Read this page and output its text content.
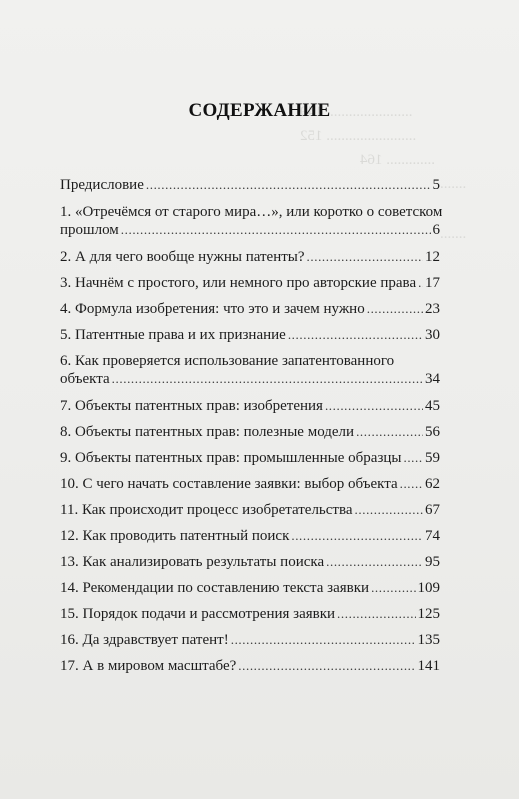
....................... 149
........................ 152
............. 164
.......
.......
СОДЕРЖАНИЕ
Предисловие .....	5
1. «Отречёмся от старого мира…», или коротко о советском
прошлом .....	6
2. А для чего вообще нужны патенты? .....	12
3. Начнём с простого, или немного про авторские права ..... 17
4. Формула изобретения: что это и зачем нужно .....	23
5. Патентные права и их признание .....	30
6. Как проверяется использование запатентованного
объекта .....	34
7. Объекты патентных прав: изобретения .....	45
8. Объекты патентных прав: полезные модели .....	56
9. Объекты патентных прав: промышленные образцы ..... 59
10. С чего начать составление заявки: выбор объекта ..... 62
11. Как происходит процесс изобретательства .....	67
12. Как проводить патентный поиск .....	74
13. Как анализировать результаты поиска .....	95
14. Рекомендации по составлению текста заявки .....	109
15. Порядок подачи и рассмотрения заявки .....	125
16. Да здравствует патент! .....	135
17. А в мировом масштабе? .....	141
